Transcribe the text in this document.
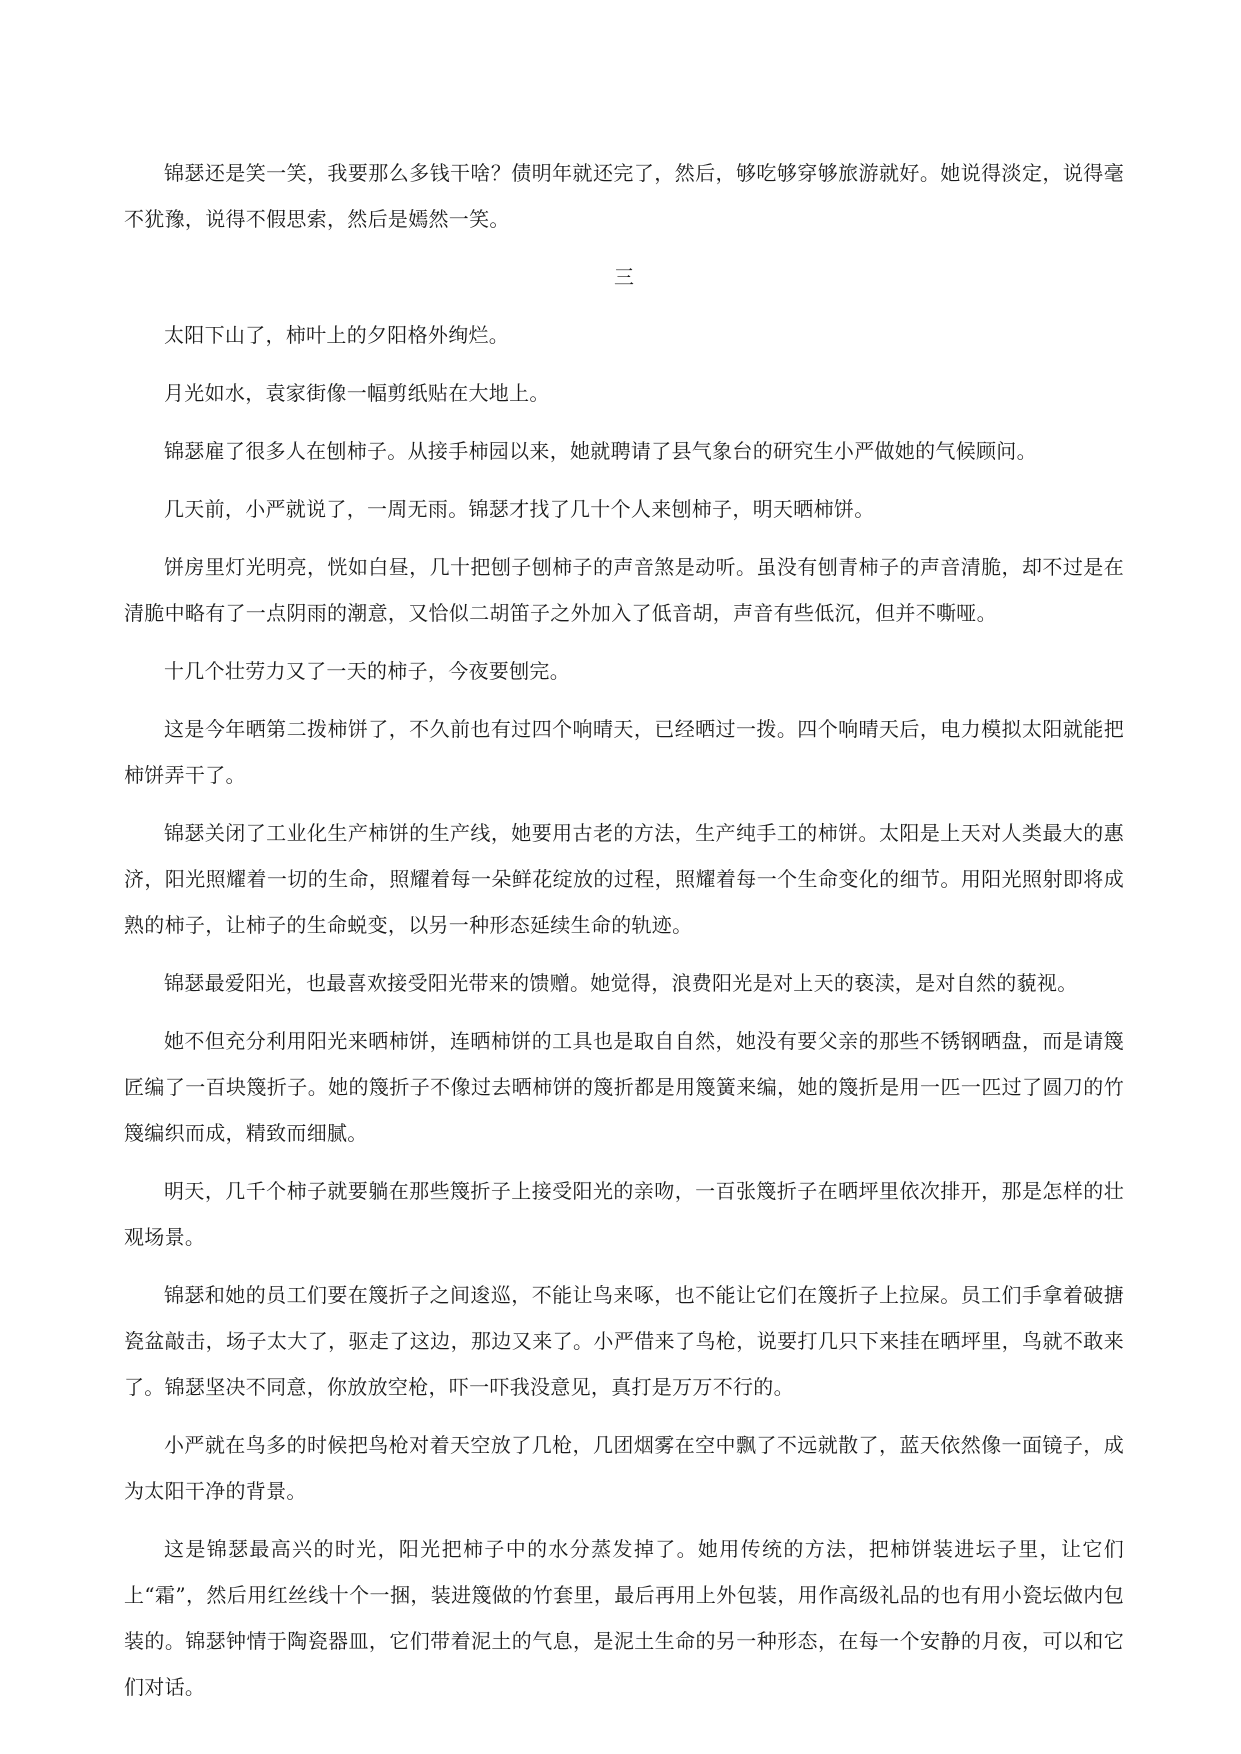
锦瑟还是笑一笑，我要那么多钱干啥？债明年就还完了，然后，够吃够穿够旅游就好。她说得淡定，说得毫不犹豫，说得不假思索，然后是嫣然一笑。

三

太阳下山了，柿叶上的夕阳格外绚烂。

月光如水，袁家街像一幅剪纸贴在大地上。

锦瑟雇了很多人在刨柿子。从接手柿园以来，她就聘请了县气象台的研究生小严做她的气候顾问。

几天前，小严就说了，一周无雨。锦瑟才找了几十个人来刨柿子，明天晒柿饼。

饼房里灯光明亮，恍如白昼，几十把刨子刨柿子的声音煞是动听。虽没有刨青柿子的声音清脆，却不过是在清脆中略有了一点阴雨的潮意，又恰似二胡笛子之外加入了低音胡，声音有些低沉，但并不嘶哑。

十几个壮劳力又了一天的柿子，今夜要刨完。

这是今年晒第二拨柿饼了，不久前也有过四个响晴天，已经晒过一拨。四个响晴天后，电力模拟太阳就能把柿饼弄干了。

锦瑟关闭了工业化生产柿饼的生产线，她要用古老的方法，生产纯手工的柿饼。太阳是上天对人类最大的惠济，阳光照耀着一切的生命，照耀着每一朵鲜花绽放的过程，照耀着每一个生命变化的细节。用阳光照射即将成熟的柿子，让柿子的生命蜕变，以另一种形态延续生命的轨迹。

锦瑟最爱阳光，也最喜欢接受阳光带来的馈赠。她觉得，浪费阳光是对上天的亵渎，是对自然的藐视。

她不但充分利用阳光来晒柿饼，连晒柿饼的工具也是取自自然，她没有要父亲的那些不锈钢晒盘，而是请篾匠编了一百块篾折子。她的篾折子不像过去晒柿饼的篾折都是用篾簧来编，她的篾折是用一匹一匹过了圆刀的竹篾编织而成，精致而细腻。

明天，几千个柿子就要躺在那些篾折子上接受阳光的亲吻，一百张篾折子在晒坪里依次排开，那是怎样的壮观场景。

锦瑟和她的员工们要在篾折子之间逡巡，不能让鸟来啄，也不能让它们在篾折子上拉屎。员工们手拿着破搪瓷盆敲击，场子太大了，驱走了这边，那边又来了。小严借来了鸟枪，说要打几只下来挂在晒坪里，鸟就不敢来了。锦瑟坚决不同意，你放放空枪，吓一吓我没意见，真打是万万不行的。

小严就在鸟多的时候把鸟枪对着天空放了几枪，几团烟雾在空中飘了不远就散了，蓝天依然像一面镜子，成为太阳干净的背景。

这是锦瑟最高兴的时光，阳光把柿子中的水分蒸发掉了。她用传统的方法，把柿饼装进坛子里，让它们上“霜”，然后用红丝线十个一捆，装进篾做的竹套里，最后再用上外包装，用作高级礼品的也有用小瓷坛做内包装的。锦瑟钟情于陶瓷器皿，它们带着泥土的气息，是泥土生命的另一种形态，在每一个安静的月夜，可以和它们对话。
